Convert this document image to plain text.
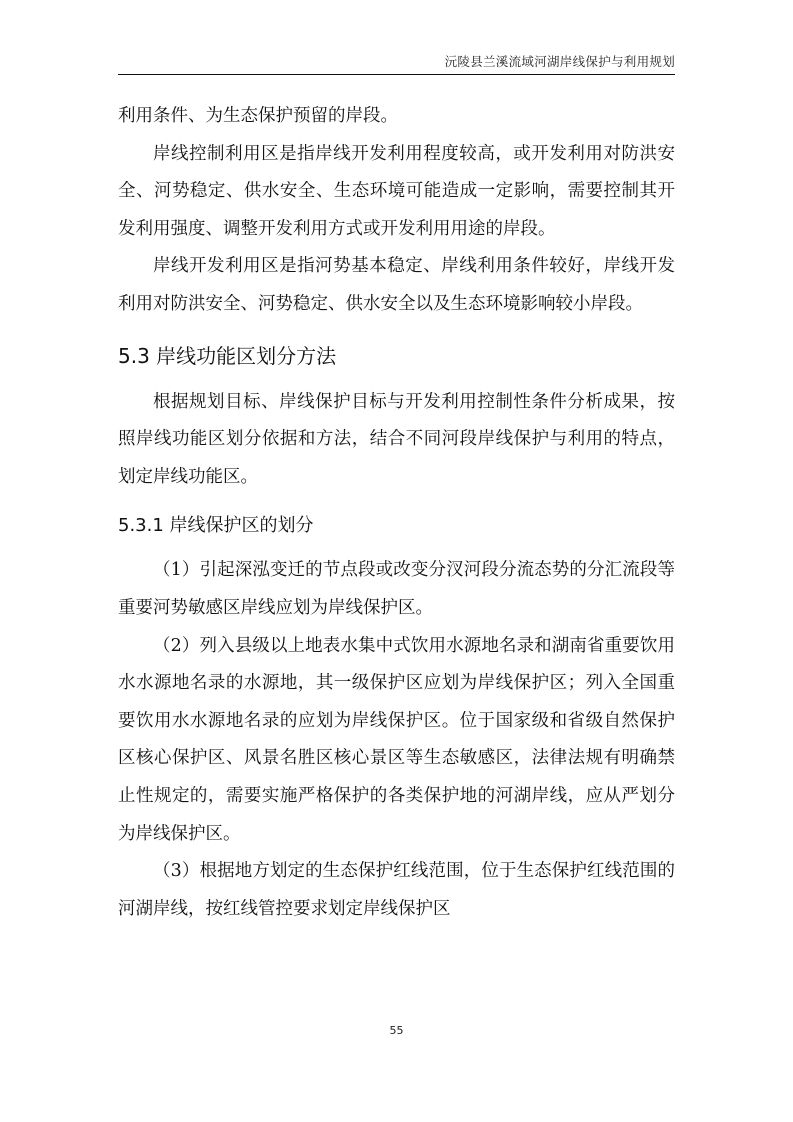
沅陵县兰溪流域河湖岸线保护与利用规划

利用条件、为生态保护预留的岸段。

岸线控制利用区是指岸线开发利用程度较高，或开发利用对防洪安全、河势稳定、供水安全、生态环境可能造成一定影响，需要控制其开发利用强度、调整开发利用方式或开发利用用途的岸段。

岸线开发利用区是指河势基本稳定、岸线利用条件较好，岸线开发利用对防洪安全、河势稳定、供水安全以及生态环境影响较小岸段。

5.3 岸线功能区划分方法

根据规划目标、岸线保护目标与开发利用控制性条件分析成果，按照岸线功能区划分依据和方法，结合不同河段岸线保护与利用的特点，划定岸线功能区。

5.3.1 岸线保护区的划分

（1）引起深泓变迁的节点段或改变分汊河段分流态势的分汇流段等重要河势敏感区岸线应划为岸线保护区。

（2）列入县级以上地表水集中式饮用水源地名录和湖南省重要饮用水水源地名录的水源地，其一级保护区应划为岸线保护区；列入全国重要饮用水水源地名录的应划为岸线保护区。位于国家级和省级自然保护区核心保护区、风景名胜区核心景区等生态敏感区，法律法规有明确禁止性规定的，需要实施严格保护的各类保护地的河湖岸线，应从严划分为岸线保护区。

（3）根据地方划定的生态保护红线范围，位于生态保护红线范围的河湖岸线，按红线管控要求划定岸线保护区

55
